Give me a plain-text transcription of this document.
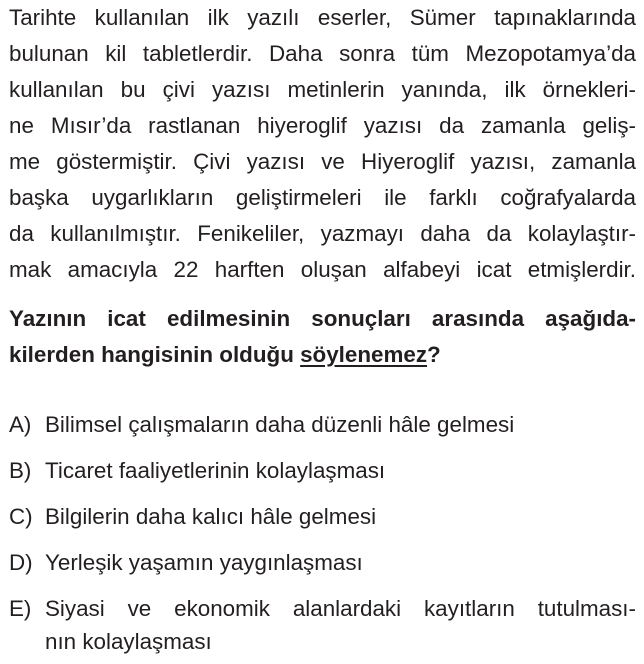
Tarihte kullanılan ilk yazılı eserler, Sümer tapınaklarında
bulunan kil tabletlerdir. Daha sonra tüm Mezopotamya’da
kullanılan bu çivi yazısı metinlerin yanında, ilk örnekleri-
ne Mısır’da rastlanan hiyeroglif yazısı da zamanla geliş-
me göstermiştir. Çivi yazısı ve Hiyeroglif yazısı, zamanla
başka uygarlıkların geliştirmeleri ile farklı coğrafyalarda
da kullanılmıştır. Fenikeliler, yazmayı daha da kolaylaştır-
mak amacıyla 22 harften oluşan alfabeyi icat etmişlerdir.
Yazının icat edilmesinin sonuçları arasında aşağıda-
kilerden hangisinin olduğu söylenemez?
A) Bilimsel çalışmaların daha düzenli hâle gelmesi
B) Ticaret faaliyetlerinin kolaylaşması
C) Bilgilerin daha kalıcı hâle gelmesi
D) Yerleşik yaşamın yaygınlaşması
E) Siyasi ve ekonomik alanlardaki kayıtların tutulması-
nın kolaylaşması
